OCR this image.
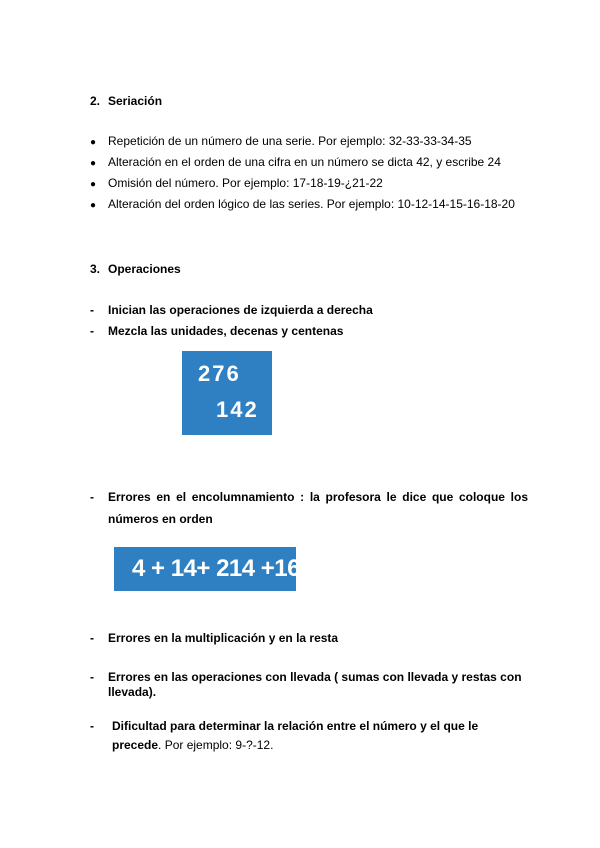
2. Seriación
● Repetición de un número de una serie. Por ejemplo: 32-33-33-34-35
● Alteración en el orden de una cifra en un número se dicta 42, y escribe 24
● Omisión del número. Por ejemplo: 17-18-19-¿21-22
● Alteración del orden lógico de las series. Por ejemplo: 10-12-14-15-16-18-20
3. Operaciones
-	Inician las operaciones de izquierda a derecha
-	Mezcla las unidades, decenas y centenas
276
142
-	Errores en el encolumnamiento : la profesora le dice que coloque los números en orden
4 + 14+ 214 +16
-	Errores en la multiplicación y en la resta
-	Errores en las operaciones con llevada ( sumas con llevada y restas con llevada).
-	Dificultad para determinar la relación entre el número y el que le precede. Por ejemplo: 9-?-12.
